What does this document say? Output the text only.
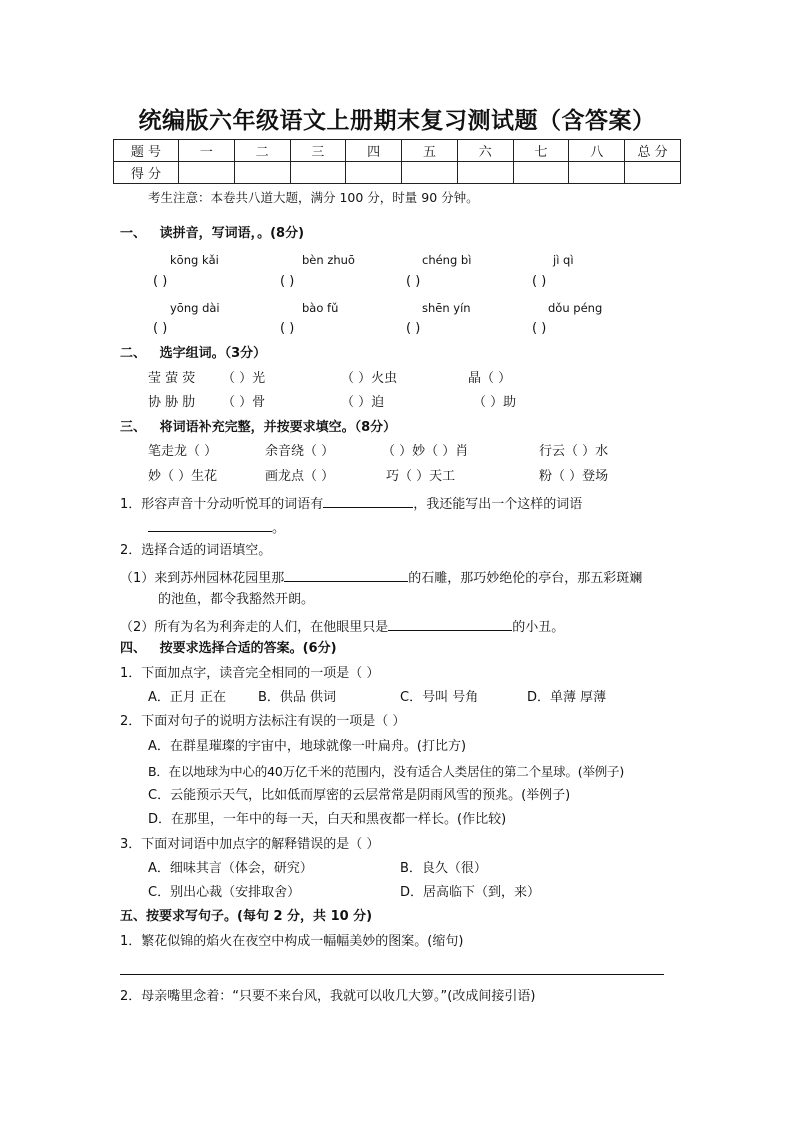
统编版六年级语文上册期末复习测试题（含答案）
题 号	一	二	三	四	五	六	七	八	总 分
得 分									
考生注意：本卷共八道大题，满分 100 分，时量 90 分钟。
一、 读拼音，写词语，。(8分)
kōng kǎi	bèn zhuō	chéng bì	jì qì
( )	( )	( )	( )
yōng dài	bào fǔ	shēn yín	dǒu péng
( )	( )	( )	( )
二、 选字组词。（3分）
莹 萤 荧 （ ）光	（ ）火虫	晶（ ）
协 胁 肋 （ ）骨	（ ）迫	（ ）助
三、 将词语补充完整，并按要求填空。（8分）
笔走龙（ ）	余音绕（ ）	（ ）妙（ ）肖	行云（ ）水
妙（ ）生花	画龙点（ ）	巧（ ）天工	粉（ ）登场
1．形容声音十分动听悦耳的词语有	，我还能写出一个这样的词语
。
2．选择合适的词语填空。
（1）来到苏州园林花园里那	的石雕，那巧妙绝伦的亭台，那五彩斑斓
的池鱼，都令我豁然开朗。
（2）所有为名为利奔走的人们，在他眼里只是	的小丑。
四、 按要求选择合适的答案。(6分)
1．下面加点字，读音完全相同的一项是（ ）
A．正月 正在 B．供品 供词	C．号叫 号角	D．单薄 厚薄
2．下面对句子的说明方法标注有误的一项是（ ）
A．在群星璀璨的宇宙中，地球就像一叶扁舟。(打比方)
B．在以地球为中心的40万亿千米的范围内，没有适合人类居住的第二个星球。(举例子)
C．云能预示天气，比如低而厚密的云层常常是阴雨风雪的预兆。(举例子)
D．在那里，一年中的每一天，白天和黑夜都一样长。(作比较)
3．下面对词语中加点字的解释错误的是（ ）
A．细味其言（体会，研究）	B．良久（很）
C．别出心裁（安排取舍）	D．居高临下（到，来）
五、按要求写句子。(每句 2 分，共 10 分)
1．繁花似锦的焰火在夜空中构成一幅幅美妙的图案。(缩句)
2．母亲嘴里念着：“只要不来台风，我就可以收几大箩。”(改成间接引语)
